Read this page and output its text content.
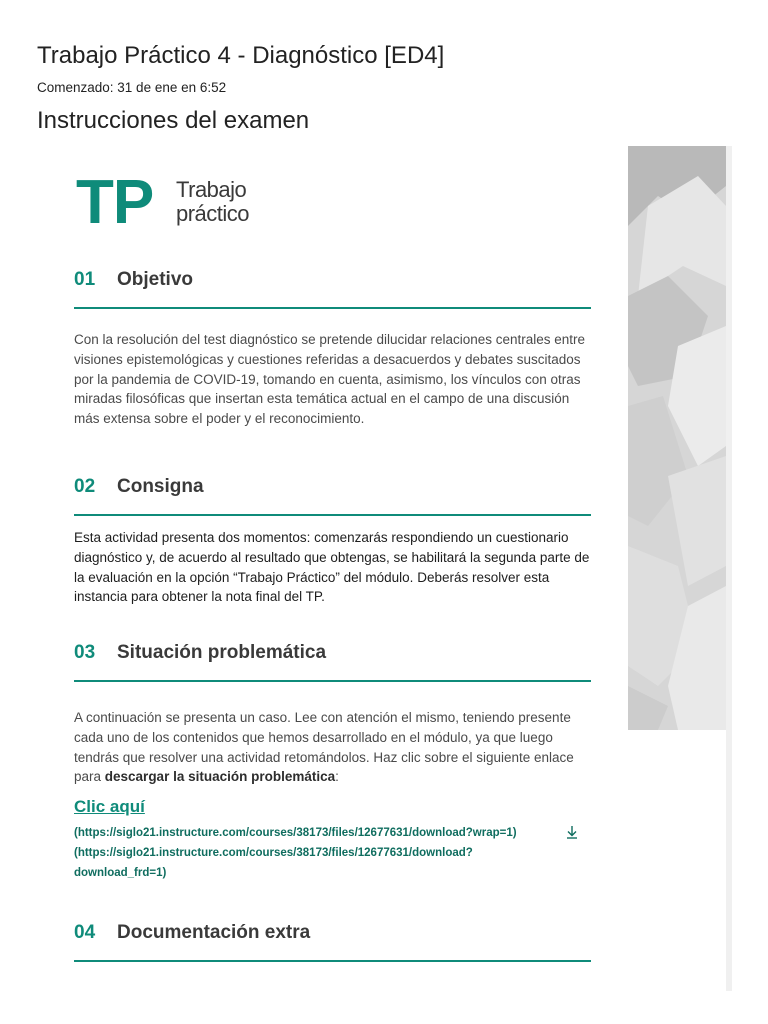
Trabajo Práctico 4 - Diagnóstico [ED4]
Comenzado: 31 de ene en 6:52
Instrucciones del examen
TP Trabajo
práctico
01 Objetivo

Con la resolución del test diagnóstico se pretende dilucidar relaciones centrales entre visiones epistemológicas y cuestiones referidas a desacuerdos y debates suscitados por la pandemia de COVID-19, tomando en cuenta, asimismo, los vínculos con otras miradas filosóficas que insertan esta temática actual en el campo de una discusión más extensa sobre el poder y el reconocimiento.

02 Consigna

Esta actividad presenta dos momentos: comenzarás respondiendo un cuestionario diagnóstico y, de acuerdo al resultado que obtengas, se habilitará la segunda parte de la evaluación en la opción “Trabajo Práctico” del módulo. Deberás resolver esta instancia para obtener la nota final del TP.

03 Situación problemática

A continuación se presenta un caso. Lee con atención el mismo, teniendo presente cada uno de los contenidos que hemos desarrollado en el módulo, ya que luego tendrás que resolver una actividad retomándolos. Haz clic sobre el siguiente enlace para descargar la situación problemática:

Clic aquí
(https://siglo21.instructure.com/courses/38173/files/12677631/download?wrap=1)
(https://siglo21.instructure.com/courses/38173/files/12677631/download?download_frd=1)
04 Documentación extra
